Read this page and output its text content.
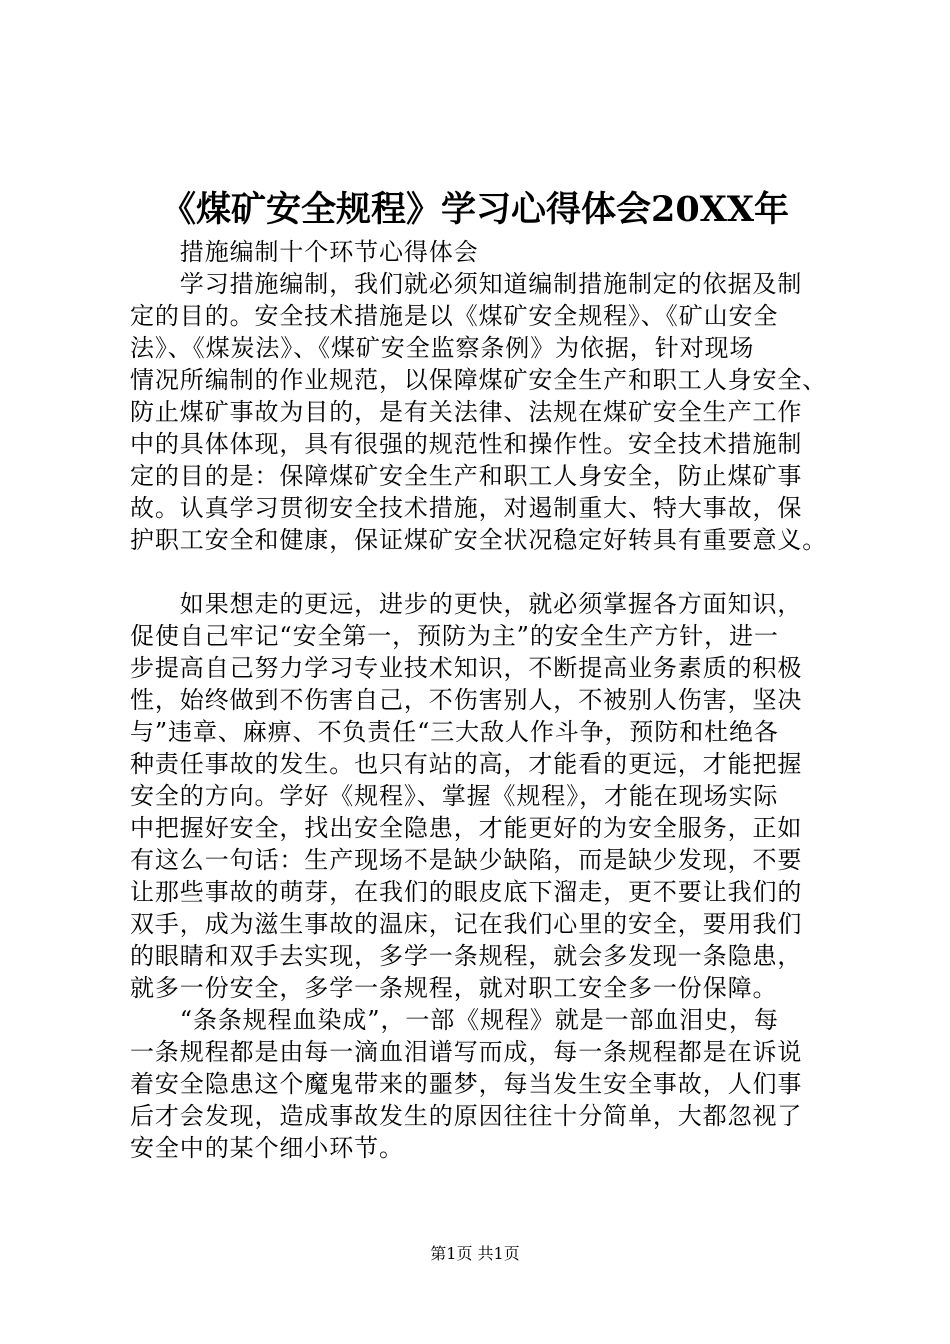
《煤矿安全规程》学习心得体会20XX年
　　措施编制十个环节心得体会
　　学习措施编制，我们就必须知道编制措施制定的依据及制
定的目的。安全技术措施是以《煤矿安全规程》、《矿山安全
法》、《煤炭法》、《煤矿安全监察条例》为依据，针对现场
情况所编制的作业规范，以保障煤矿安全生产和职工人身安全、
防止煤矿事故为目的，是有关法律、法规在煤矿安全生产工作
中的具体体现，具有很强的规范性和操作性。安全技术措施制
定的目的是：保障煤矿安全生产和职工人身安全，防止煤矿事
故。认真学习贯彻安全技术措施，对遏制重大、特大事故，保
护职工安全和健康，保证煤矿安全状况稳定好转具有重要意义。
　　如果想走的更远，进步的更快，就必须掌握各方面知识，
促使自己牢记“安全第一，预防为主”的安全生产方针，进一
步提高自己努力学习专业技术知识，不断提高业务素质的积极
性，始终做到不伤害自己，不伤害别人，不被别人伤害，坚决
与”违章、麻痹、不负责任“三大敌人作斗争，预防和杜绝各
种责任事故的发生。也只有站的高，才能看的更远，才能把握
安全的方向。学好《规程》、掌握《规程》，才能在现场实际
中把握好安全，找出安全隐患，才能更好的为安全服务，正如
有这么一句话：生产现场不是缺少缺陷，而是缺少发现，不要
让那些事故的萌芽，在我们的眼皮底下溜走，更不要让我们的
双手，成为滋生事故的温床，记在我们心里的安全，要用我们
的眼睛和双手去实现，多学一条规程，就会多发现一条隐患，
就多一份安全，多学一条规程，就对职工安全多一份保障。
　　“条条规程血染成”，一部《规程》就是一部血泪史，每
一条规程都是由每一滴血泪谱写而成，每一条规程都是在诉说
着安全隐患这个魔鬼带来的噩梦，每当发生安全事故，人们事
后才会发现，造成事故发生的原因往往十分简单，大都忽视了
安全中的某个细小环节。
第1页 共1页
